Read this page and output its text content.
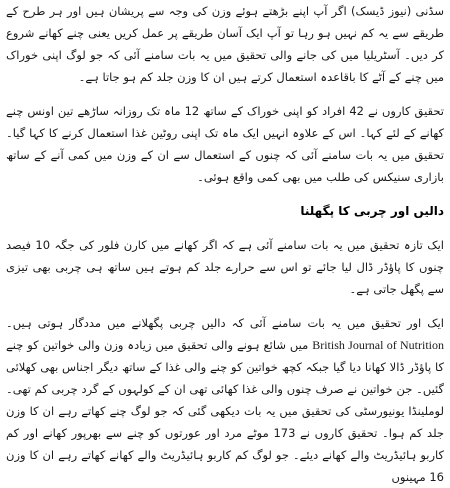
سڈنی (نیوز ڈیسک) اگر آپ اپنے بڑھتے ہوئے وزن کی وجہ سے پریشان ہیں اور ہر طرح کے طریقے سے یہ کم نہیں ہو رہا تو آپ ایک آسان طریقے پر عمل کریں یعنی چنے کھانے شروع کر دیں۔ آسٹریلیا میں کی جانے والی تحقیق میں یہ بات سامنے آئی کہ جو لوگ اپنی خوراک میں چنے کے آٹے کا باقاعدہ استعمال کرتے ہیں ان کا وزن جلد کم ہو جاتا ہے۔

تحقیق کاروں نے 42 افراد کو اپنی خوراک کے ساتھ 12 ماہ تک روزانہ ساڑھے تین اونس چنے کھانے کے لئے کہا۔ اس کے علاوہ انہیں ایک ماہ تک اپنی روٹین غذا استعمال کرنے کا کہا گیا۔ تحقیق میں یہ بات سامنے آئی کہ چنوں کے استعمال سے ان کے وزن میں کمی آنے کے ساتھ بازاری سنیکس کی طلب میں بھی کمی واقع ہوئی۔

دالیں اور چربی کا پگھلنا

ایک تازہ تحقیق میں یہ بات سامنے آئی ہے کہ اگر کھانے میں کارن فلور کی جگہ 10 فیصد چنوں کا پاؤڈر ڈال لیا جائے تو اس سے حرارے جلد کم ہوتے ہیں ساتھ ہی چربی بھی تیزی سے پگھل جاتی ہے۔

ایک اور تحقیق میں یہ بات سامنے آئی کہ دالیں چربی پگھلانے میں مددگار ہوتی ہیں۔ British Journal of Nutrition میں شائع ہونے والی تحقیق میں زیادہ وزن والی خواتین کو چنے کا پاؤڈر ڈالا کھانا دیا گیا جبکہ کچھ خواتین کو چنے والی غذا کے ساتھ دیگر اجناس بھی کھلائی گئیں۔ جن خواتین نے صرف چنوں والی غذا کھائی تھی ان کے کولہوں کے گرد چربی کم تھی۔ لوملینڈا یونیورسٹی کی تحقیق میں یہ بات دیکھی گئی کہ جو لوگ چنے کھاتے رہے ان کا وزن جلد کم ہوا۔ تحقیق کاروں نے 173 موٹے مرد اور عورتوں کو چنے سے بھرپور کھانے اور کم کاربو ہائیڈریٹ والے کھانے دیئے۔ جو لوگ کم کاربو ہائیڈریٹ والے کھانے کھاتے رہے ان کا وزن 16 مہینوں
